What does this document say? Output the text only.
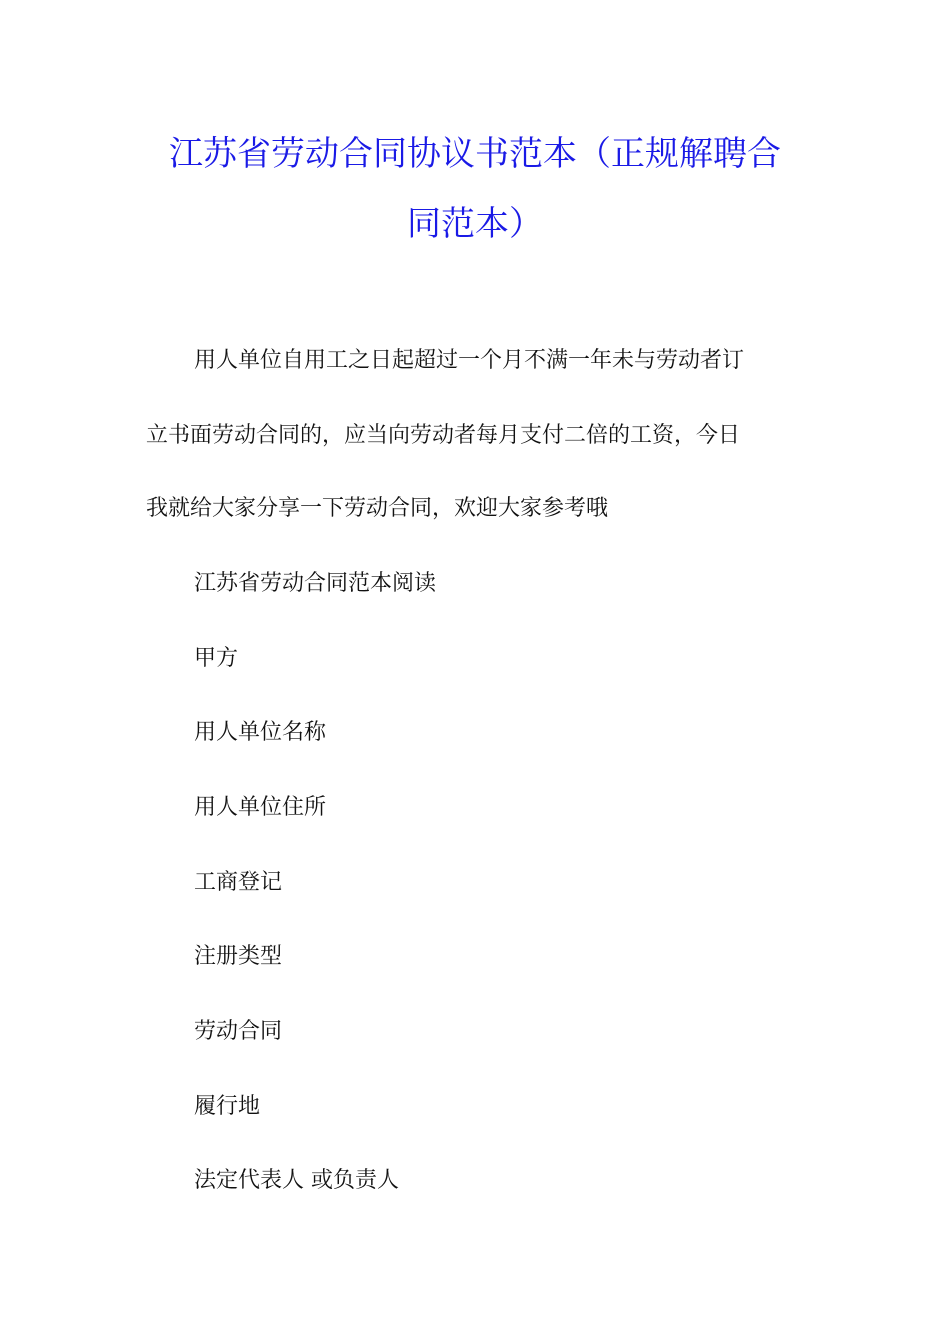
江苏省劳动合同协议书范本（正规解聘合
同范本）

用人单位自用工之日起超过一个月不满一年未与劳动者订

立书面劳动合同的，应当向劳动者每月支付二倍的工资，今日

我就给大家分享一下劳动合同，欢迎大家参考哦

江苏省劳动合同范本阅读

甲方

用人单位名称

用人单位住所

工商登记

注册类型

劳动合同

履行地

法定代表人 或负责人
